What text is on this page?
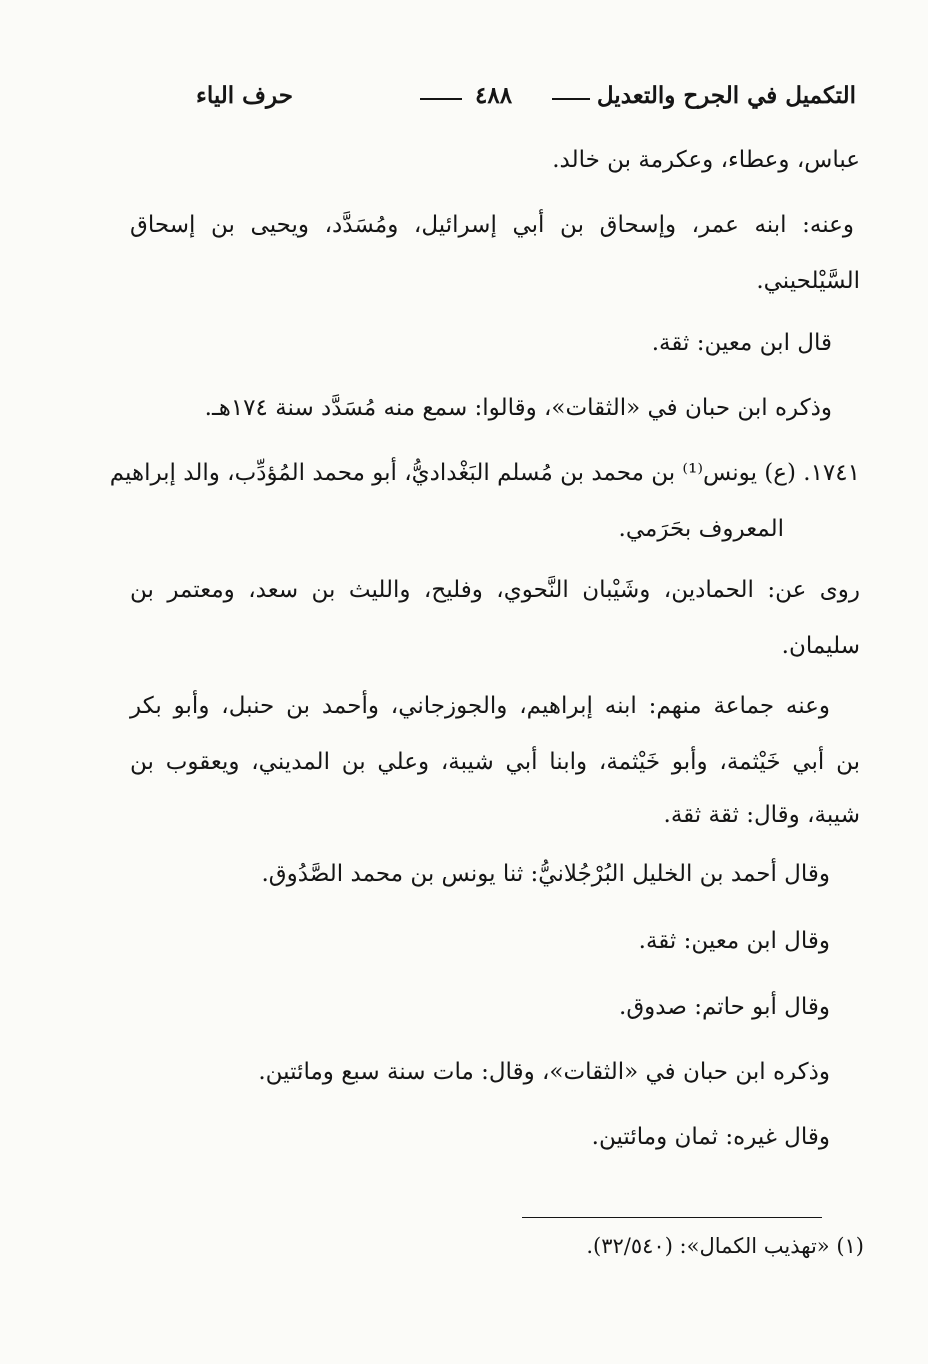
التكميل في الجرح والتعديل
٤٨٨
حرف الياء
عباس، وعطاء، وعكرمة بن خالد.
وعنه: ابنه عمر، وإسحاق بن أبي إسرائيل، ومُسَدَّد، ويحيى بن إسحاق
السَّيْلحيني.
قال ابن معين: ثقة.
وذكره ابن حبان في «الثقات»، وقالوا: سمع منه مُسَدَّد سنة ١٧٤هـ.
١٧٤١. (ع) يونس⁽¹⁾ بن محمد بن مُسلم البَغْداديُّ، أبو محمد المُؤدِّب، والد إبراهيم
المعروف بحَرَمي.
روى عن: الحمادين، وشَيْبان النَّحوي، وفليح، والليث بن سعد، ومعتمر بن
سليمان.
وعنه جماعة منهم: ابنه إبراهيم، والجوزجاني، وأحمد بن حنبل، وأبو بكر
بن أبي خَيْثمة، وأبو خَيْثمة، وابنا أبي شيبة، وعلي بن المديني، ويعقوب بن
شيبة، وقال: ثقة ثقة.
وقال أحمد بن الخليل البُرْجُلانيُّ: ثنا يونس بن محمد الصَّدُوق.
وقال ابن معين: ثقة.
وقال أبو حاتم: صدوق.
وذكره ابن حبان في «الثقات»، وقال: مات سنة سبع ومائتين.
وقال غيره: ثمان ومائتين.
(١) «تهذيب الكمال»: (٣٢/٥٤٠).
